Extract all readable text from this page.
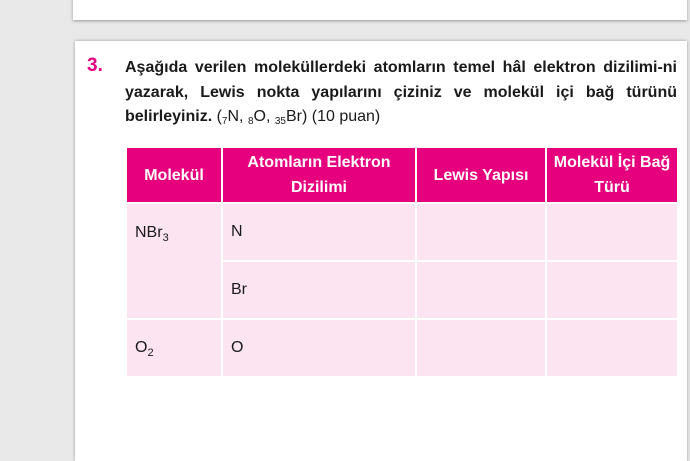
3. Aşağıda verilen moleküllerdeki atomların temel hâl elektron dizilimi-ni yazarak, Lewis nokta yapılarını çiziniz ve molekül içi bağ türünü belirleyiniz. ($_7N$, $_8$O, $_{35}$Br) (10 puan)
Molekül	Atomların Elektron Dizilimi	Lewis Yapısı	Molekül İçi Bağ Türü
NBr$_3$	N		
	Br		
$O_2$	O		
